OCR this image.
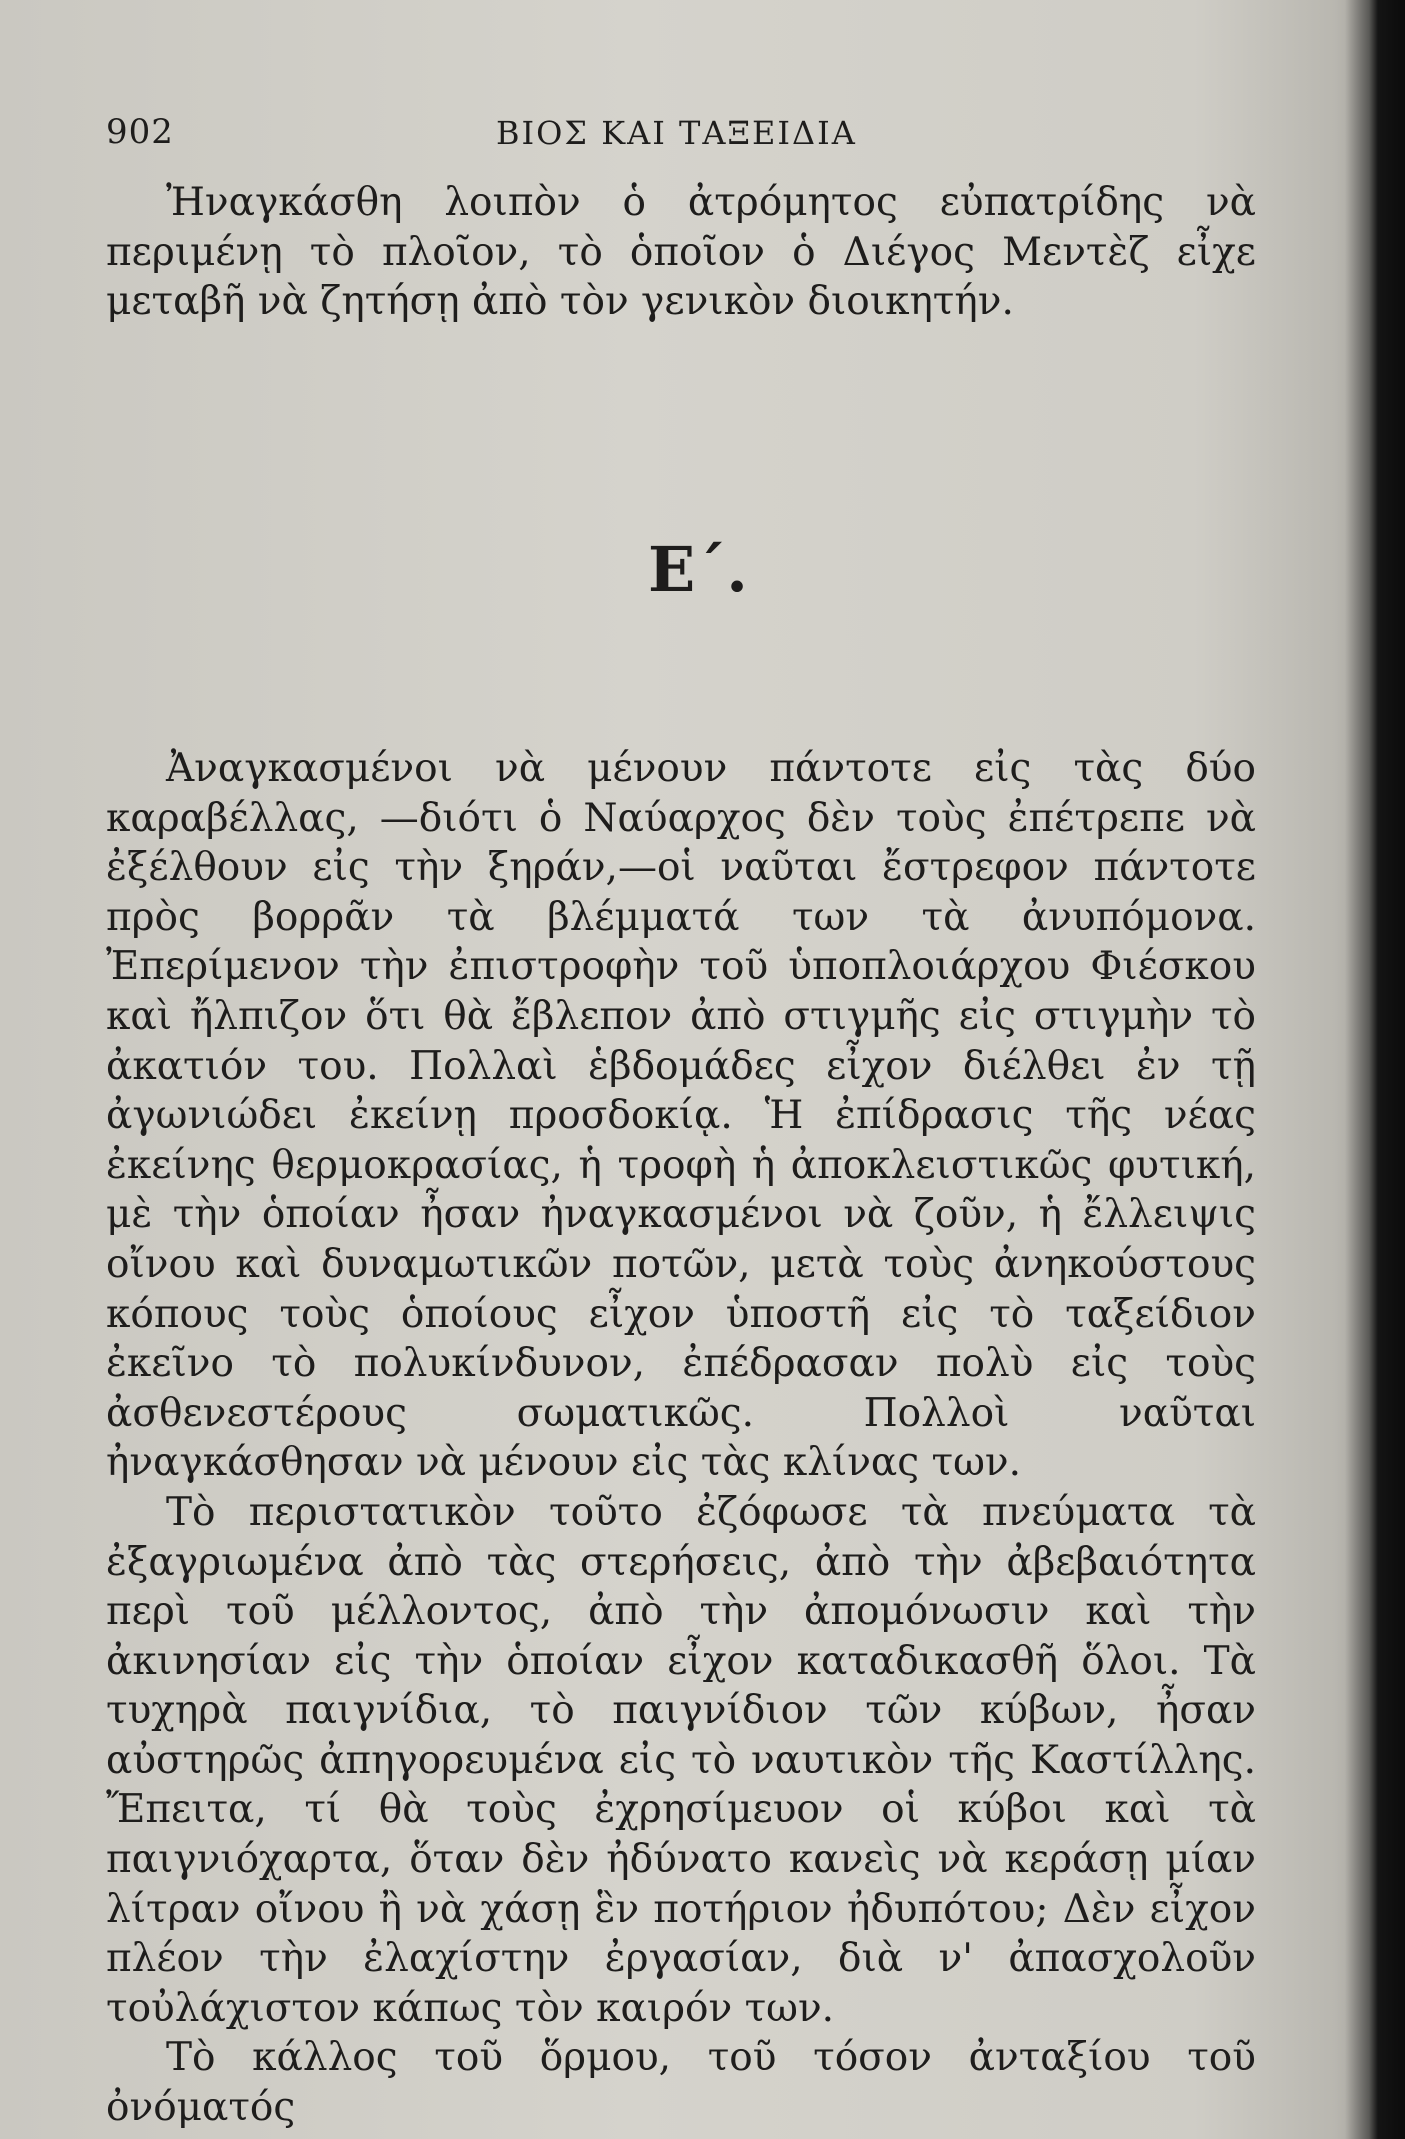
902	ΒΙΟΣ ΚΑΙ ΤΑΞΕΙΔΙΑ

Ἠναγκάσθη λοιπὸν ὁ ἀτρόμητος εὐπατρίδης νὰ περιμένῃ τὸ πλοῖον, τὸ ὁποῖον ὁ Διέγος Μεντὲζ εἶχε μεταβῆ νὰ ζητήσῃ ἀπὸ τὸν γενικὸν διοικητήν.

Ε΄.

Ἀναγκασμένοι νὰ μένουν πάντοτε εἰς τὰς δύο καραβέλλας, —διότι ὁ Ναύαρχος δὲν τοὺς ἐπέτρεπε νὰ ἐξέλθουν εἰς τὴν ξηράν,—οἱ ναῦται ἔστρεφον πάντοτε πρὸς βορρᾶν τὰ βλέμματά των τὰ ἀνυπόμονα. Ἐπερίμενον τὴν ἐπιστροφὴν τοῦ ὑποπλοιάρχου Φιέσκου καὶ ἤλπιζον ὅτι θὰ ἔβλεπον ἀπὸ στιγμῆς εἰς στιγμὴν τὸ ἀκατιόν του. Πολλαὶ ἑβδομάδες εἶχον διέλθει ἐν τῇ ἀγωνιώδει ἐκείνῃ προσδοκίᾳ. Ἡ ἐπίδρασις τῆς νέας ἐκείνης θερμοκρασίας, ἡ τροφὴ ἡ ἀποκλειστικῶς φυτική, μὲ τὴν ὁποίαν ἦσαν ἠναγκασμένοι νὰ ζοῦν, ἡ ἔλλειψις οἴνου καὶ δυναμωτικῶν ποτῶν, μετὰ τοὺς ἀνηκούστους κόπους τοὺς ὁποίους εἶχον ὑποστῆ εἰς τὸ ταξείδιον ἐκεῖνο τὸ πολυκίνδυνον, ἐπέδρασαν πολὺ εἰς τοὺς ἀσθενεστέρους σωματικῶς. Πολλοὶ ναῦται ἠναγκάσθησαν νὰ μένουν εἰς τὰς κλίνας των.

Τὸ περιστατικὸν τοῦτο ἐζόφωσε τὰ πνεύματα τὰ ἐξαγριωμένα ἀπὸ τὰς στερήσεις, ἀπὸ τὴν ἀβεβαιότητα περὶ τοῦ μέλλοντος, ἀπὸ τὴν ἀπομόνωσιν καὶ τὴν ἀκινησίαν εἰς τὴν ὁποίαν εἶχον καταδικασθῆ ὅλοι. Τὰ τυχηρὰ παιγνίδια, τὸ παιγνίδιον τῶν κύβων, ἦσαν αὐστηρῶς ἀπηγορευμένα εἰς τὸ ναυτικὸν τῆς Καστίλλης. Ἔπειτα, τί θὰ τοὺς ἐχρησίμευον οἱ κύβοι καὶ τὰ παιγνιόχαρτα, ὅταν δὲν ἠδύνατο κανεὶς νὰ κεράσῃ μίαν λίτραν οἴνου ἢ νὰ χάσῃ ἓν ποτήριον ἠδυπότου; Δὲν εἶχον πλέον τὴν ἐλαχίστην ἐργασίαν, διὰ ν' ἀπασχολοῦν τοὐλάχιστον κάπως τὸν καιρόν των.

Τὸ κάλλος τοῦ ὅρμου, τοῦ τόσον ἀνταξίου τοῦ ὀνόματός
